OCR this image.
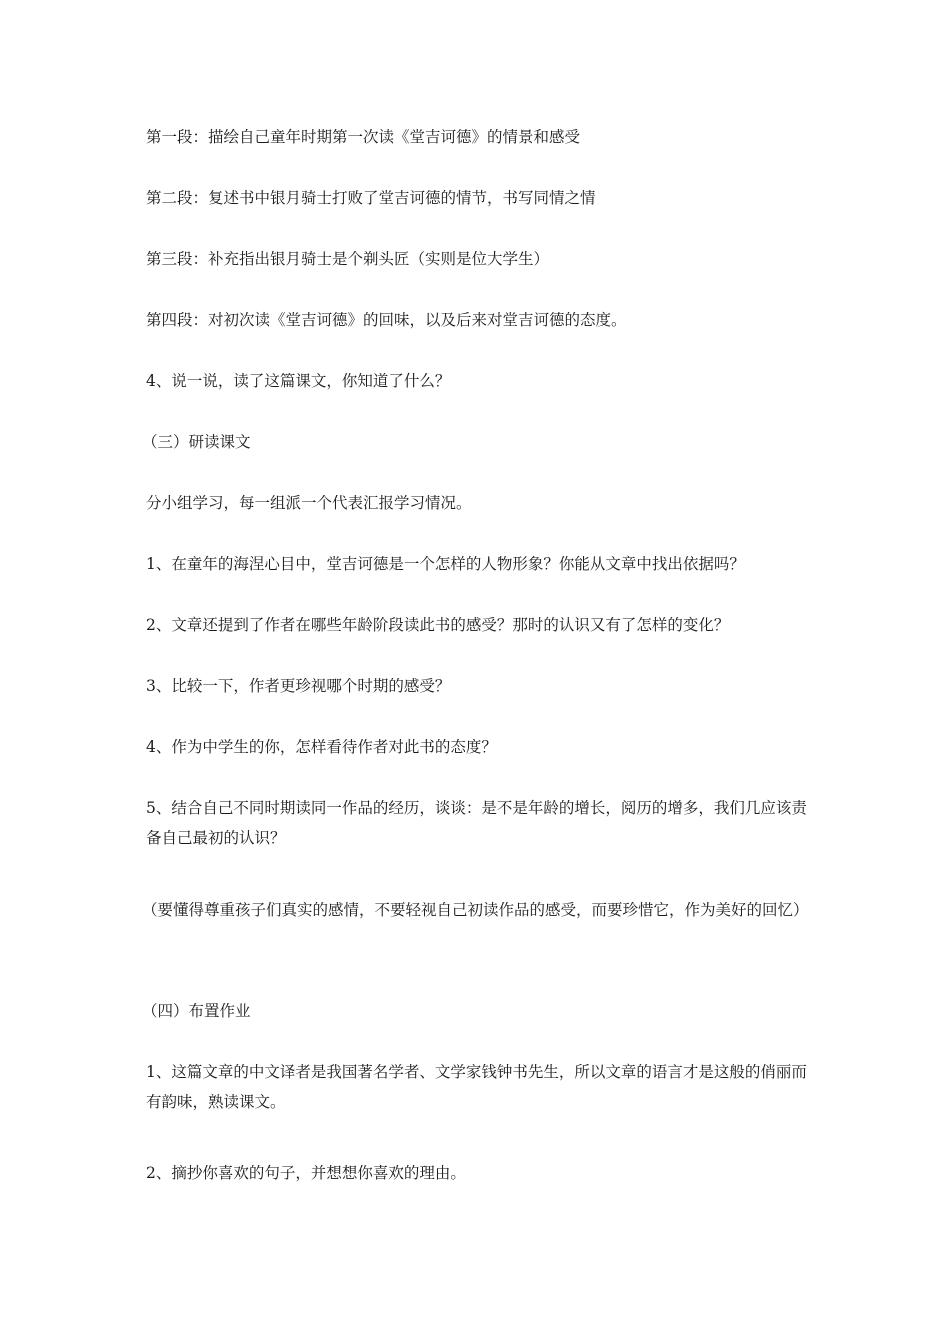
第一段：描绘自己童年时期第一次读《堂吉诃德》的情景和感受

第二段：复述书中银月骑士打败了堂吉诃德的情节，书写同情之情

第三段：补充指出银月骑士是个剃头匠（实则是位大学生）

第四段：对初次读《堂吉诃德》的回味，以及后来对堂吉诃德的态度。

4、说一说，读了这篇课文，你知道了什么？

（三）研读课文

分小组学习，每一组派一个代表汇报学习情况。

1、在童年的海涅心目中，堂吉诃德是一个怎样的人物形象？你能从文章中找出依据吗？

2、文章还提到了作者在哪些年龄阶段读此书的感受？那时的认识又有了怎样的变化？

3、比较一下，作者更珍视哪个时期的感受？

4、作为中学生的你，怎样看待作者对此书的态度？

5、结合自己不同时期读同一作品的经历，谈谈：是不是年龄的增长，阅历的增多，我们几应该责备自己最初的认识？

（要懂得尊重孩子们真实的感情，不要轻视自己初读作品的感受，而要珍惜它，作为美好的回忆）

（四）布置作业

1、这篇文章的中文译者是我国著名学者、文学家钱钟书先生，所以文章的语言才是这般的俏丽而有韵味，熟读课文。

2、摘抄你喜欢的句子，并想想你喜欢的理由。
